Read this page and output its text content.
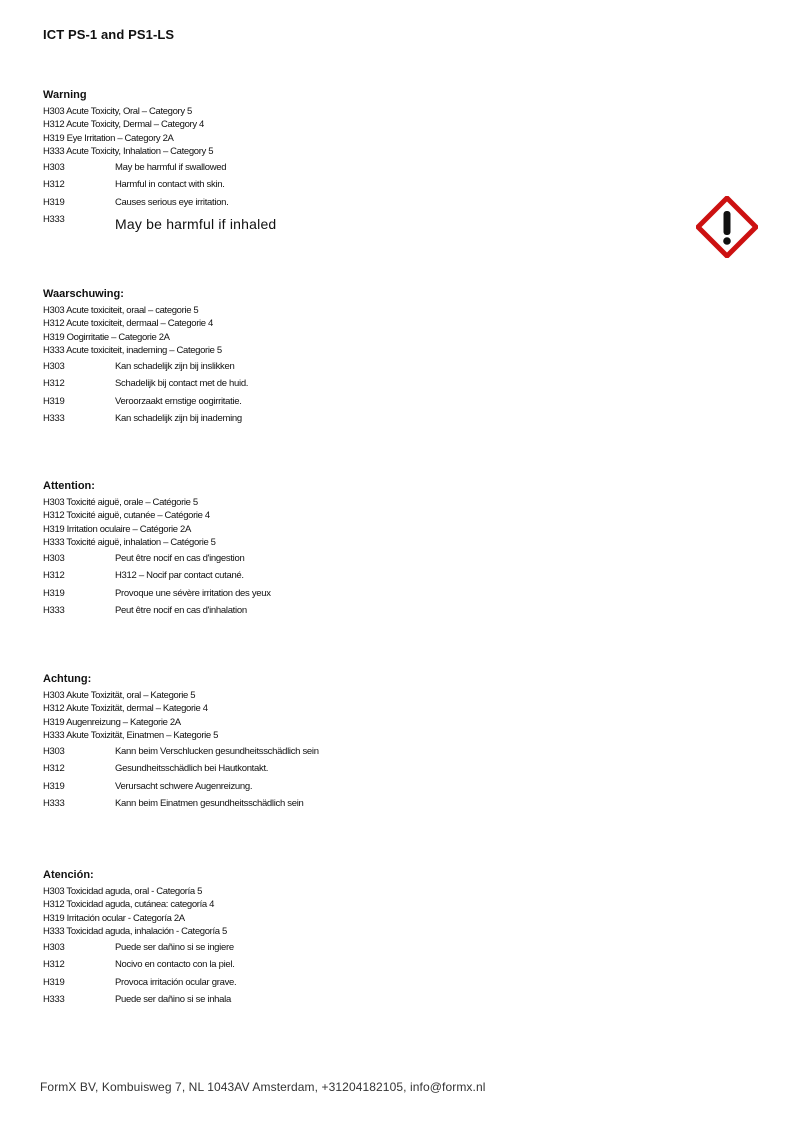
ICT PS-1 and PS1-LS
Warning
H303 Acute Toxicity, Oral – Category 5
H312 Acute Toxicity, Dermal – Category 4
H319 Eye Irritation – Category 2A
H333 Acute Toxicity, Inhalation – Category 5
H303	May be harmful if swallowed
H312	Harmful in contact with skin.
H319	Causes serious eye irritation.
H333	May be harmful if inhaled
Waarschuwing:
H303 Acute toxiciteit, oraal – categorie 5
H312 Acute toxiciteit, dermaal – Categorie 4
H319 Oogirritatie – Categorie 2A
H333 Acute toxiciteit, inademing – Categorie 5
H303	Kan schadelijk zijn bij inslikken
H312	Schadelijk bij contact met de huid.
H319	Veroorzaakt ernstige oogirritatie.
H333	Kan schadelijk zijn bij inademing
Attention:
H303 Toxicité aiguë, orale – Catégorie 5
H312 Toxicité aiguë, cutanée – Catégorie 4
H319 Irritation oculaire – Catégorie 2A
H333 Toxicité aiguë, inhalation – Catégorie 5
H303	Peut être nocif en cas d'ingestion
H312	H312 – Nocif par contact cutané.
H319	Provoque une sévère irritation des yeux
H333	Peut être nocif en cas d'inhalation
Achtung:
H303 Akute Toxizität, oral – Kategorie 5
H312 Akute Toxizität, dermal – Kategorie 4
H319 Augenreizung – Kategorie 2A
H333 Akute Toxizität, Einatmen – Kategorie 5
H303	Kann beim Verschlucken gesundheitsschädlich sein
H312	Gesundheitsschädlich bei Hautkontakt.
H319	Verursacht schwere Augenreizung.
H333	Kann beim Einatmen gesundheitsschädlich sein
Atención:
H303 Toxicidad aguda, oral - Categoría 5
H312 Toxicidad aguda, cutánea: categoría 4
H319 Irritación ocular - Categoría 2A
H333 Toxicidad aguda, inhalación - Categoría 5
H303	Puede ser dañino si se ingiere
H312	Nocivo en contacto con la piel.
H319	Provoca irritación ocular grave.
H333	Puede ser dañino si se inhala
FormX BV, Kombuisweg 7, NL 1043AV Amsterdam, +31204182105, info@formx.nl
